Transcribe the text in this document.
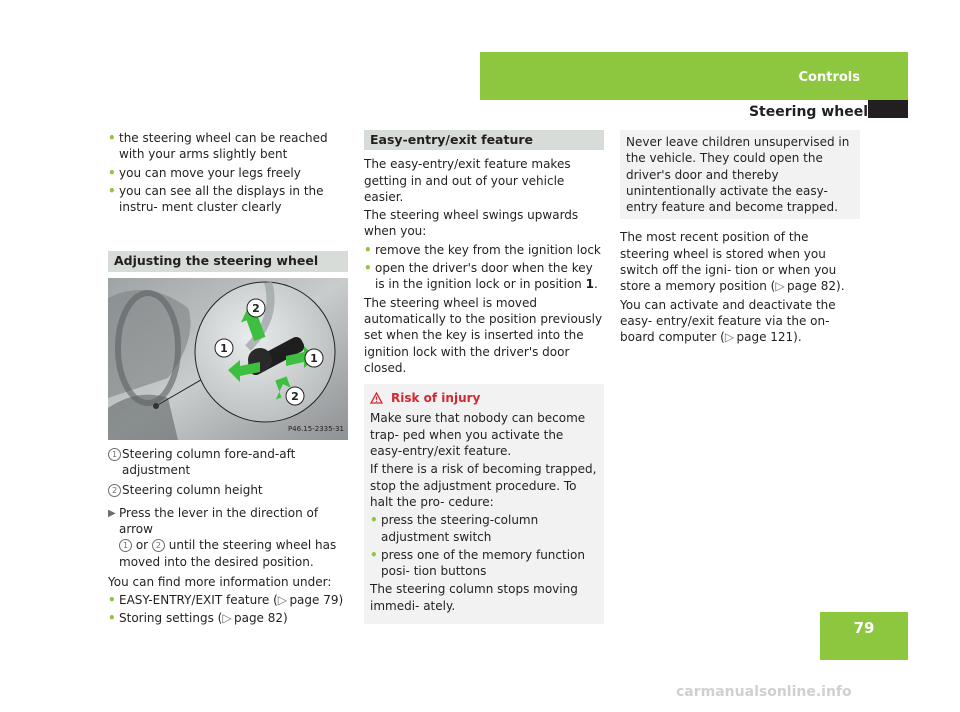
Controls
Steering wheel

• the steering wheel can be reached with your arms slightly bent

• you can move your legs freely

• you can see all the displays in the instru- ment cluster clearly

Adjusting the steering wheel
2
1
1
2
P46.15-2335-31

1 Steering column fore-and-aft adjustment

2 Steering column height

▶ Press the lever in the direction of arrow
1 or 2 until the steering wheel has moved into the desired position.

You can find more information under:

• EASY-ENTRY/EXIT feature (▷  page 79)

• Storing settings (▷  page 82)

Easy-entry/exit feature

The easy-entry/exit feature makes getting in and out of your vehicle easier.

The steering wheel swings upwards when you:

• remove the key from the ignition lock

• open the driver's door when the key is in the ignition lock or in position 1.

The steering wheel is moved automatically to the position previously set when the key is inserted into the ignition lock with the driver's door closed.

Risk of injury

Make sure that nobody can become trap- ped when you activate the easy-entry/exit feature.

If there is a risk of becoming trapped, stop the adjustment procedure. To halt the pro- cedure:

• press the steering-column adjustment switch

• press one of the memory function posi- tion buttons

The steering column stops moving immedi- ately.

Never leave children unsupervised in the vehicle. They could open the driver's door and thereby unintentionally activate the easy-entry feature and become trapped.

The most recent position of the steering wheel is stored when you switch off the igni- tion or when you store a memory position (▷  page 82).

You can activate and deactivate the easy- entry/exit feature via the on-board computer (▷  page 121).

79
carmanualsonline.info
